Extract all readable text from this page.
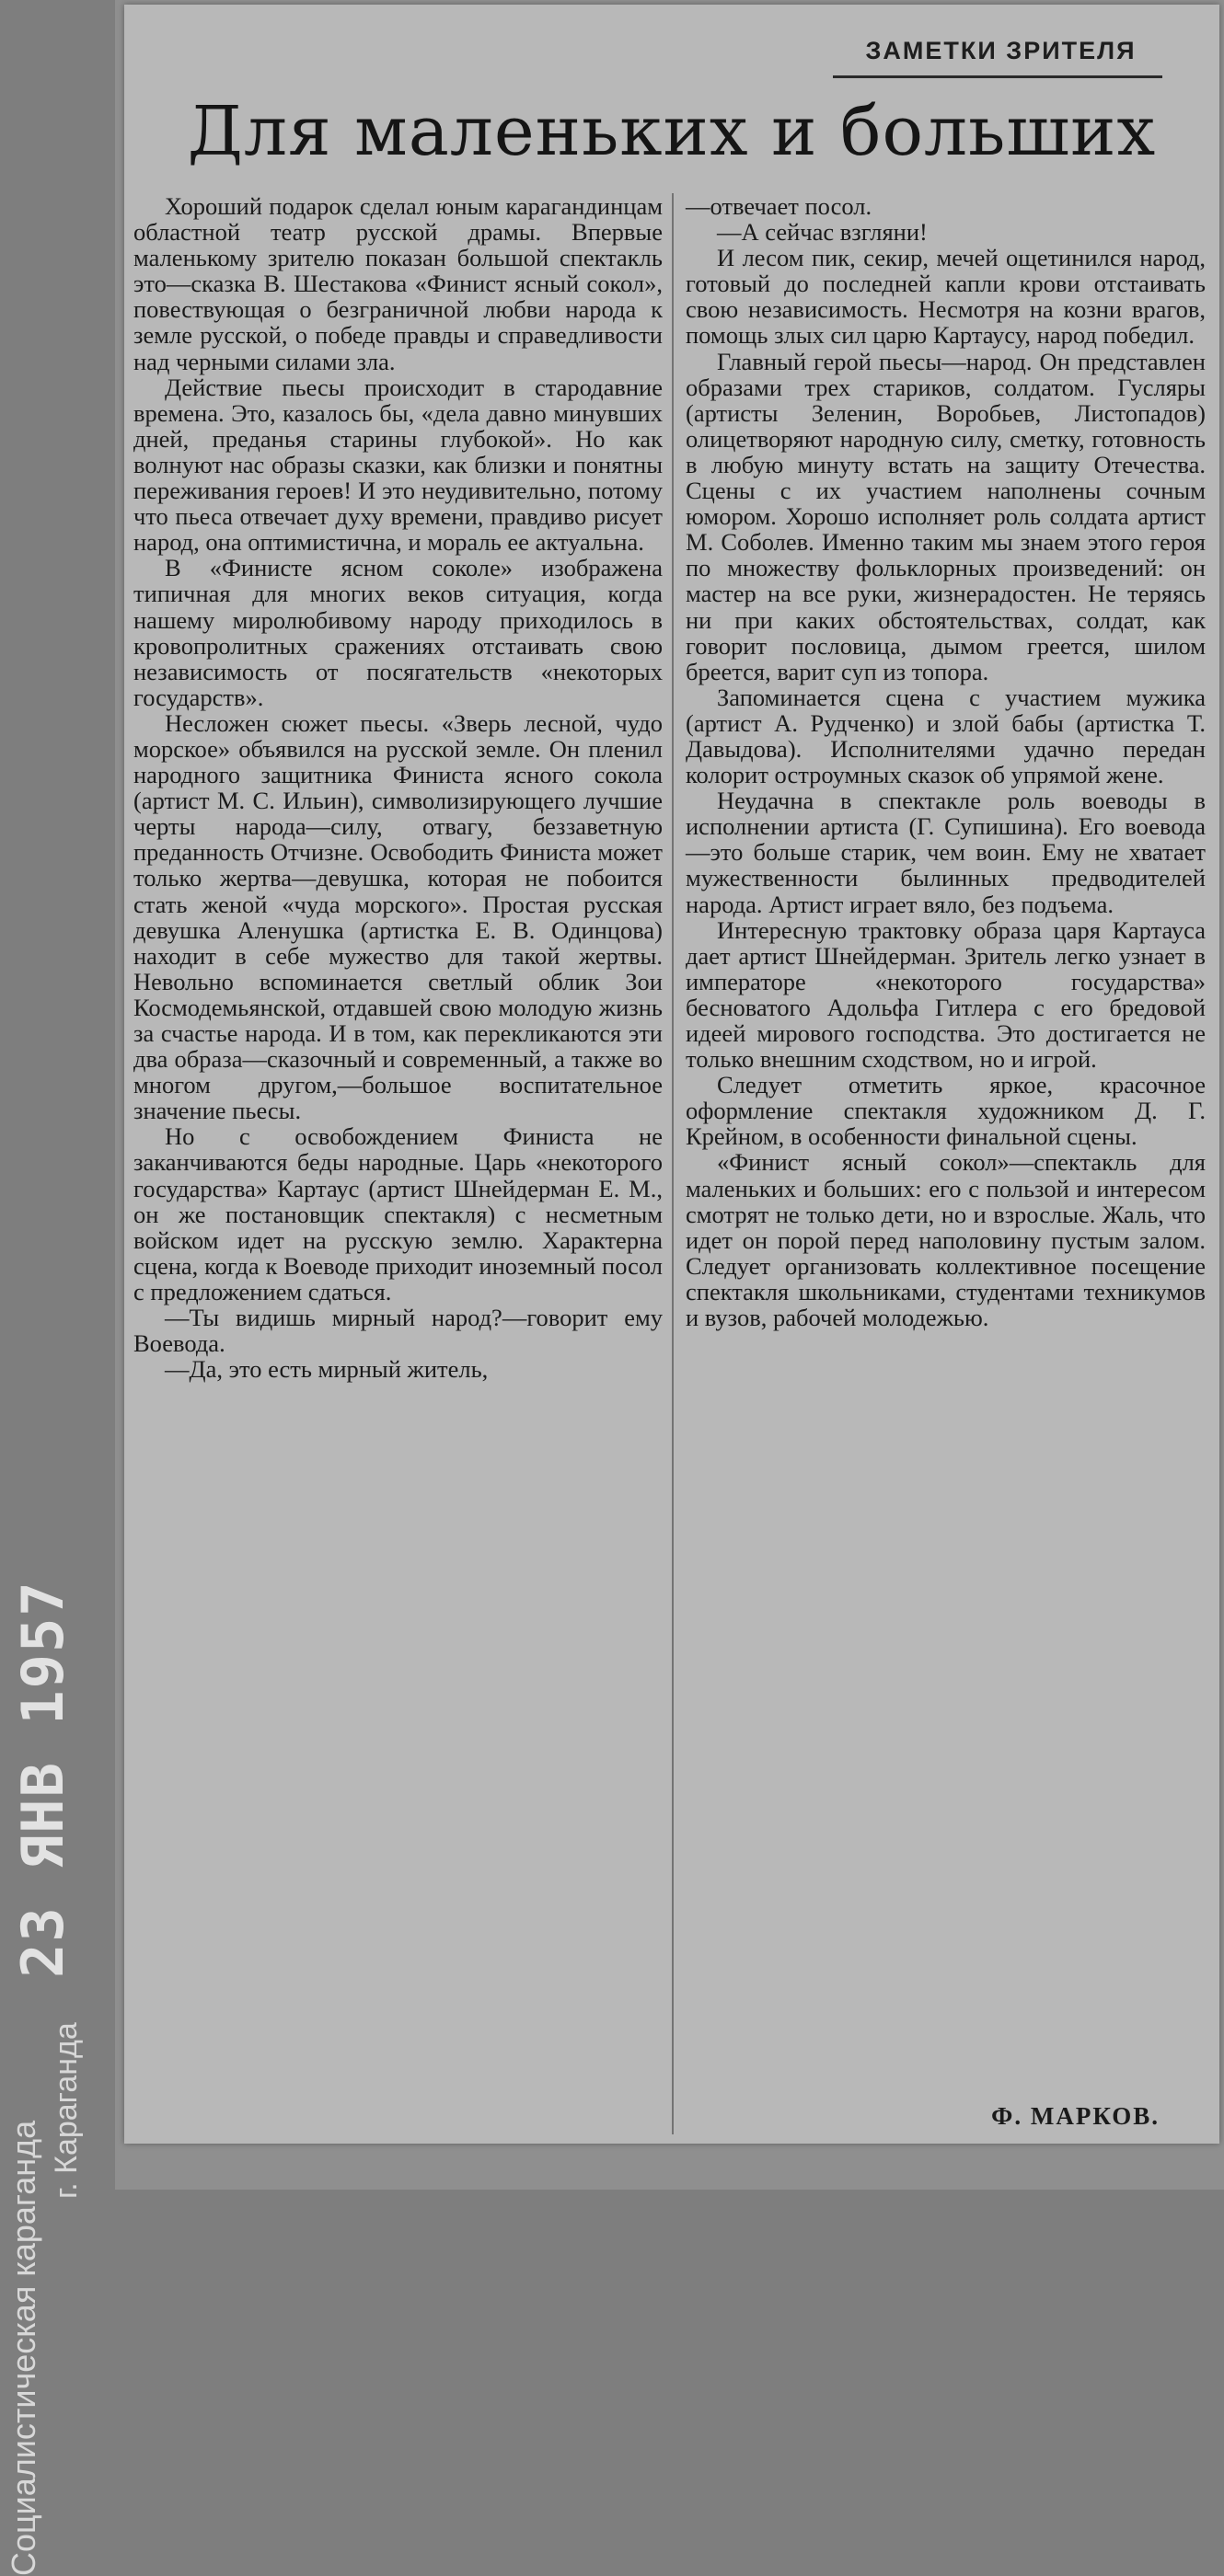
ЗАМЕТКИ ЗРИТЕЛЯ
Для маленьких и больших

Хороший подарок сделал юным карагандинцам областной театр русской драмы. Впервые маленькому зрителю показан большой спектакль это—сказка В. Шестакова «Финист ясный сокол», повествующая о безграничной любви народа к земле русской, о победе правды и справедливости над черными силами зла.

Действие пьесы происходит в стародавние времена. Это, казалось бы, «дела давно минувших дней, преданья старины глубокой». Но как волнуют нас образы сказки, как близки и понятны переживания героев! И это неудивительно, потому что пьеса отвечает духу времени, правдиво рисует народ, она оптимистична, и мораль ее актуальна.

В «Финисте ясном соколе» изображена типичная для многих веков ситуация, когда нашему миролюбивому народу приходилось в кровопролитных сражениях отстаивать свою независимость от посягательств «некоторых государств».

Несложен сюжет пьесы. «Зверь лесной, чудо морское» объявился на русской земле. Он пленил народного защитника Финиста ясного сокола (артист М. С. Ильин), символизирующего лучшие черты народа—силу, отвагу, беззаветную преданность Отчизне. Освободить Финиста может только жертва—девушка, которая не побоится стать женой «чуда морского». Простая русская девушка Аленушка (артистка Е. В. Одинцова) находит в себе мужество для такой жертвы. Невольно вспоминается светлый облик Зои Космодемьянской, отдавшей свою молодую жизнь за счастье народа. И в том, как перекликаются эти два образа—сказочный и современный, а также во многом другом,—большое воспитательное значение пьесы.

Но с освобождением Финиста не заканчиваются беды народные. Царь «некоторого государства» Картаус (артист Шнейдерман Е. М., он же постановщик спектакля) с несметным войском идет на русскую землю. Характерна сцена, когда к Воеводе приходит иноземный посол с предложением сдаться.

—Ты видишь мирный народ?—говорит ему Воевода.

—Да, это есть мирный житель,

—отвечает посол.

—А сейчас взгляни!

И лесом пик, секир, мечей ощетинился народ, готовый до последней капли крови отстаивать свою независимость. Несмотря на козни врагов, помощь злых сил царю Картаусу, народ победил.

Главный герой пьесы—народ. Он представлен образами трех стариков, солдатом. Гусляры (артисты Зеленин, Воробьев, Листопадов) олицетворяют народную силу, сметку, готовность в любую минуту встать на защиту Отечества. Сцены с их участием наполнены сочным юмором. Хорошо исполняет роль солдата артист М. Соболев. Именно таким мы знаем этого героя по множеству фольклорных произведений: он мастер на все руки, жизнерадостен. Не теряясь ни при каких обстоятельствах, солдат, как говорит пословица, дымом греется, шилом бреется, варит суп из топора.

Запоминается сцена с участием мужика (артист А. Рудченко) и злой бабы (артистка Т. Давыдова). Исполнителями удачно передан колорит остроумных сказок об упрямой жене.

Неудачна в спектакле роль воеводы в исполнении артиста (Г. Супишина). Его воевода—это больше старик, чем воин. Ему не хватает мужественности былинных предводителей народа. Артист играет вяло, без подъема.

Интересную трактовку образа царя Картауса дает артист Шнейдерман. Зритель легко узнает в императоре «некоторого государства» бесноватого Адольфа Гитлера с его бредовой идеей мирового господства. Это достигается не только внешним сходством, но и игрой.

Следует отметить яркое, красочное оформление спектакля художником Д. Г. Крейном, в особенности финальной сцены.

«Финист ясный сокол»—спектакль для маленьких и больших: его с пользой и интересом смотрят не только дети, но и взрослые. Жаль, что идет он порой перед наполовину пустым залом. Следует организовать коллективное посещение спектакля школьниками, студентами техникумов и вузов, рабочей молодежью.

Ф. МАРКОВ.
23 ЯНВ 1957
Социалистическая караганда
г. Караганда
